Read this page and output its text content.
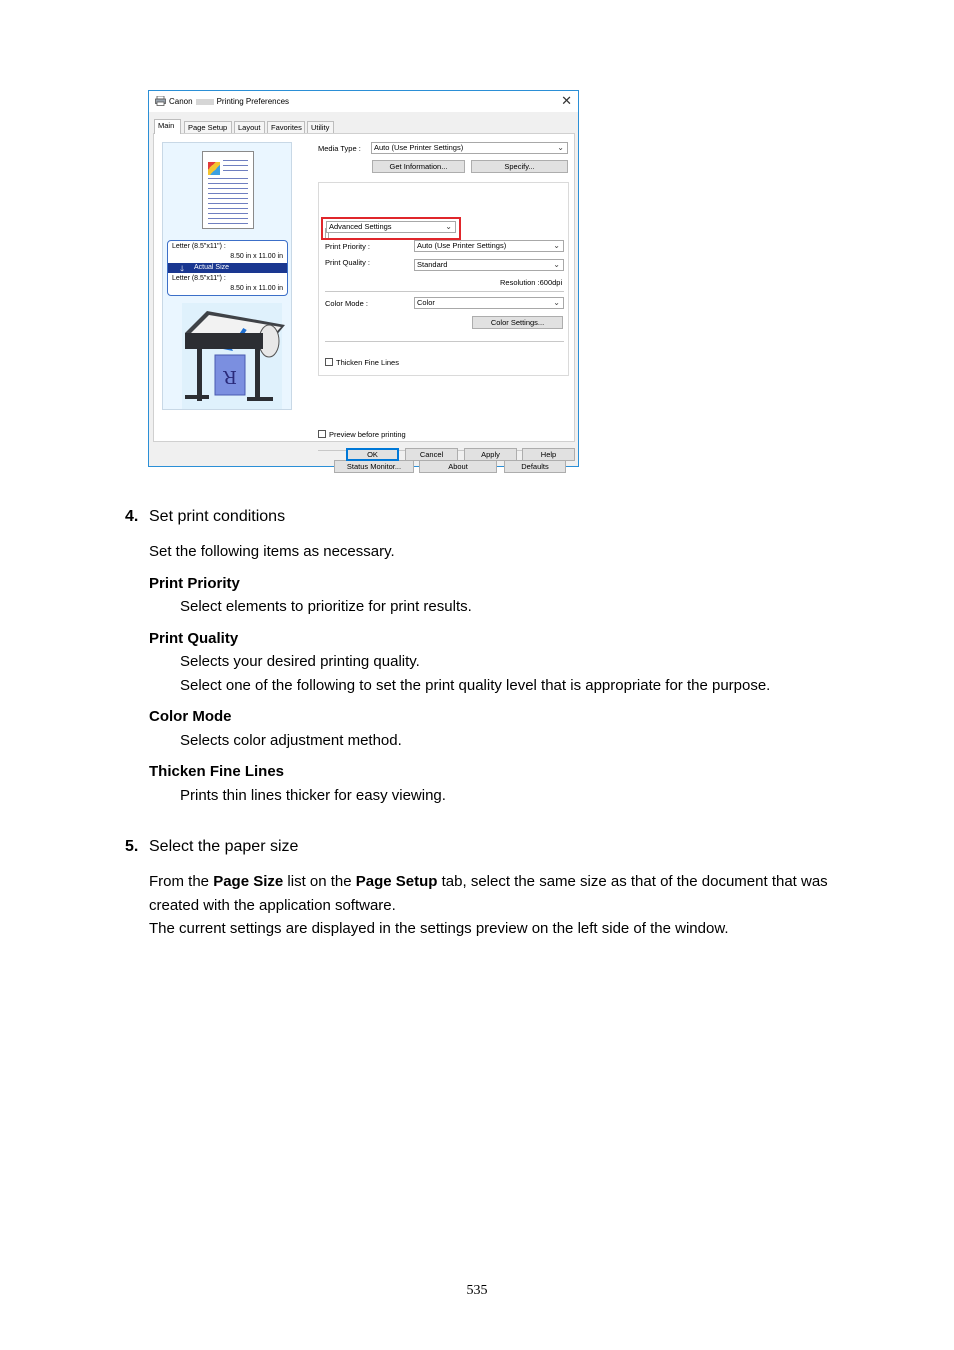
Canon	Printing Preferences	✕
Main	Page Setup	Layout	Favorites	Utility
Letter (8.5"x11") :
8.50 in x 11.00 in
🡓 Actual Size
Letter (8.5"x11") :
8.50 in x 11.00 in
R
Media Type :	Auto (Use Printer Settings)	⌄
Get Information...	Specify...
Advanced Settings	⌄
Print Priority :	Auto (Use Printer Settings)	⌄
Print Quality :	Standard	⌄
Resolution :600dpi
Color Mode :	Color	⌄
Color Settings...
Thicken Fine Lines
Preview before printing
Status Monitor...	About	Defaults
OK	Cancel	Apply	Help
4. Set print conditions
Set the following items as necessary.
Print Priority
Select elements to prioritize for print results.
Print Quality
Selects your desired printing quality.
Select one of the following to set the print quality level that is appropriate for the purpose.
Color Mode
Selects color adjustment method.
Thicken Fine Lines
Prints thin lines thicker for easy viewing.
5. Select the paper size
From the Page Size list on the Page Setup tab, select the same size as that of the document that was
created with the application software.
The current settings are displayed in the settings preview on the left side of the window.
535
